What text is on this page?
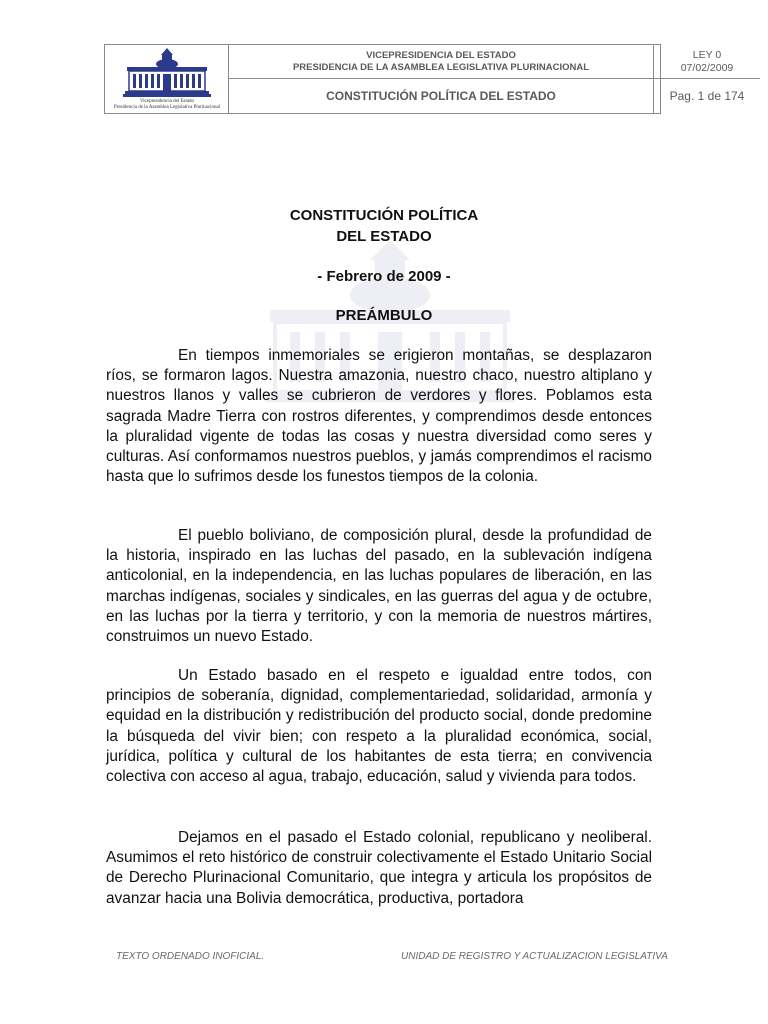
Vicepresidencia del Estado
Presidencia de la Asamblea Legislativa Plurinacional
VICEPRESIDENCIA DEL ESTADO
PRESIDENCIA DE LA ASAMBLEA LEGISLATIVA PLURINACIONAL
CONSTITUCIÓN POLÍTICA DEL ESTADO
LEY 0
07/02/2009
Pag. 1 de 174
CONSTITUCIÓN POLÍTICA
DEL ESTADO
- Febrero de 2009 -
PREÁMBULO

En tiempos inmemoriales se erigieron montañas, se desplazaron ríos, se formaron lagos. Nuestra amazonia, nuestro chaco, nuestro altiplano y nuestros llanos y valles se cubrieron de verdores y flores. Poblamos esta sagrada Madre Tierra con rostros diferentes, y comprendimos desde entonces la pluralidad vigente de todas las cosas y nuestra diversidad como seres y culturas. Así conformamos nuestros pueblos, y jamás comprendimos el racismo hasta que lo sufrimos desde los funestos tiempos de la colonia.

El pueblo boliviano, de composición plural, desde la profundidad de la historia, inspirado en las luchas del pasado, en la sublevación indígena anticolonial, en la independencia, en las luchas populares de liberación, en las marchas indígenas, sociales y sindicales, en las guerras del agua y de octubre, en las luchas por la tierra y territorio, y con la memoria de nuestros mártires, construimos un nuevo Estado.

Un Estado basado en el respeto e igualdad entre todos, con principios de soberanía, dignidad, complementariedad, solidaridad, armonía y equidad en la distribución y redistribución del producto social, donde predomine la búsqueda del vivir bien; con respeto a la pluralidad económica, social, jurídica, política y cultural de los habitantes de esta tierra; en convivencia colectiva con acceso al agua, trabajo, educación, salud y vivienda para todos.

Dejamos en el pasado el Estado colonial, republicano y neoliberal. Asumimos el reto histórico de construir colectivamente el Estado Unitario Social de Derecho Plurinacional Comunitario, que integra y articula los propósitos de avanzar hacia una Bolivia democrática, productiva, portadora

TEXTO ORDENADO INOFICIAL.	UNIDAD DE REGISTRO Y ACTUALIZACION LEGISLATIVA
